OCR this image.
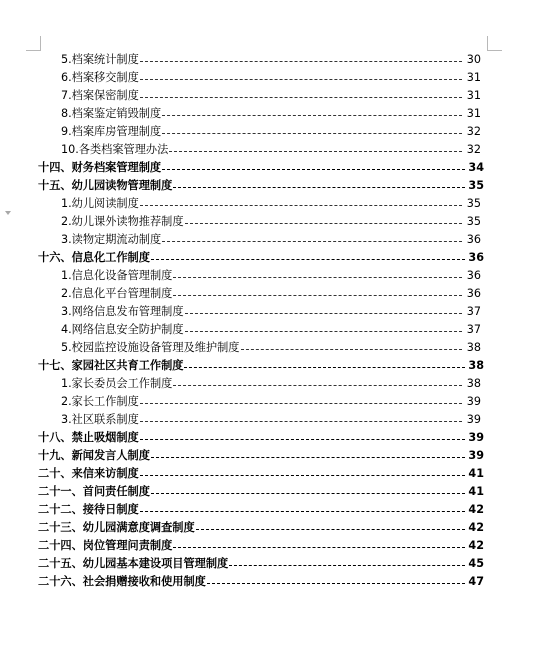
5.档案统计制度	30
6.档案移交制度	31
7.档案保密制度	31
8.档案鉴定销毁制度	31
9.档案库房管理制度	32
10.各类档案管理办法	32
十四、财务档案管理制度	34
十五、幼儿园读物管理制度	35
1.幼儿阅读制度	35
2.幼儿课外读物推荐制度	35
3.读物定期流动制度	36
十六、信息化工作制度	36
1.信息化设备管理制度	36
2.信息化平台管理制度	36
3.网络信息发布管理制度	37
4.网络信息安全防护制度	37
5.校园监控设施设备管理及维护制度	38
十七、家园社区共育工作制度	38
1.家长委员会工作制度	38
2.家长工作制度	39
3.社区联系制度	39
十八、禁止吸烟制度	39
十九、新闻发言人制度	39
二十、来信来访制度	41
二十一、首问责任制度	41
二十二、接待日制度	42
二十三、幼儿园满意度调查制度	42
二十四、岗位管理问责制度	42
二十五、幼儿园基本建设项目管理制度	45
二十六、社会捐赠接收和使用制度	47
